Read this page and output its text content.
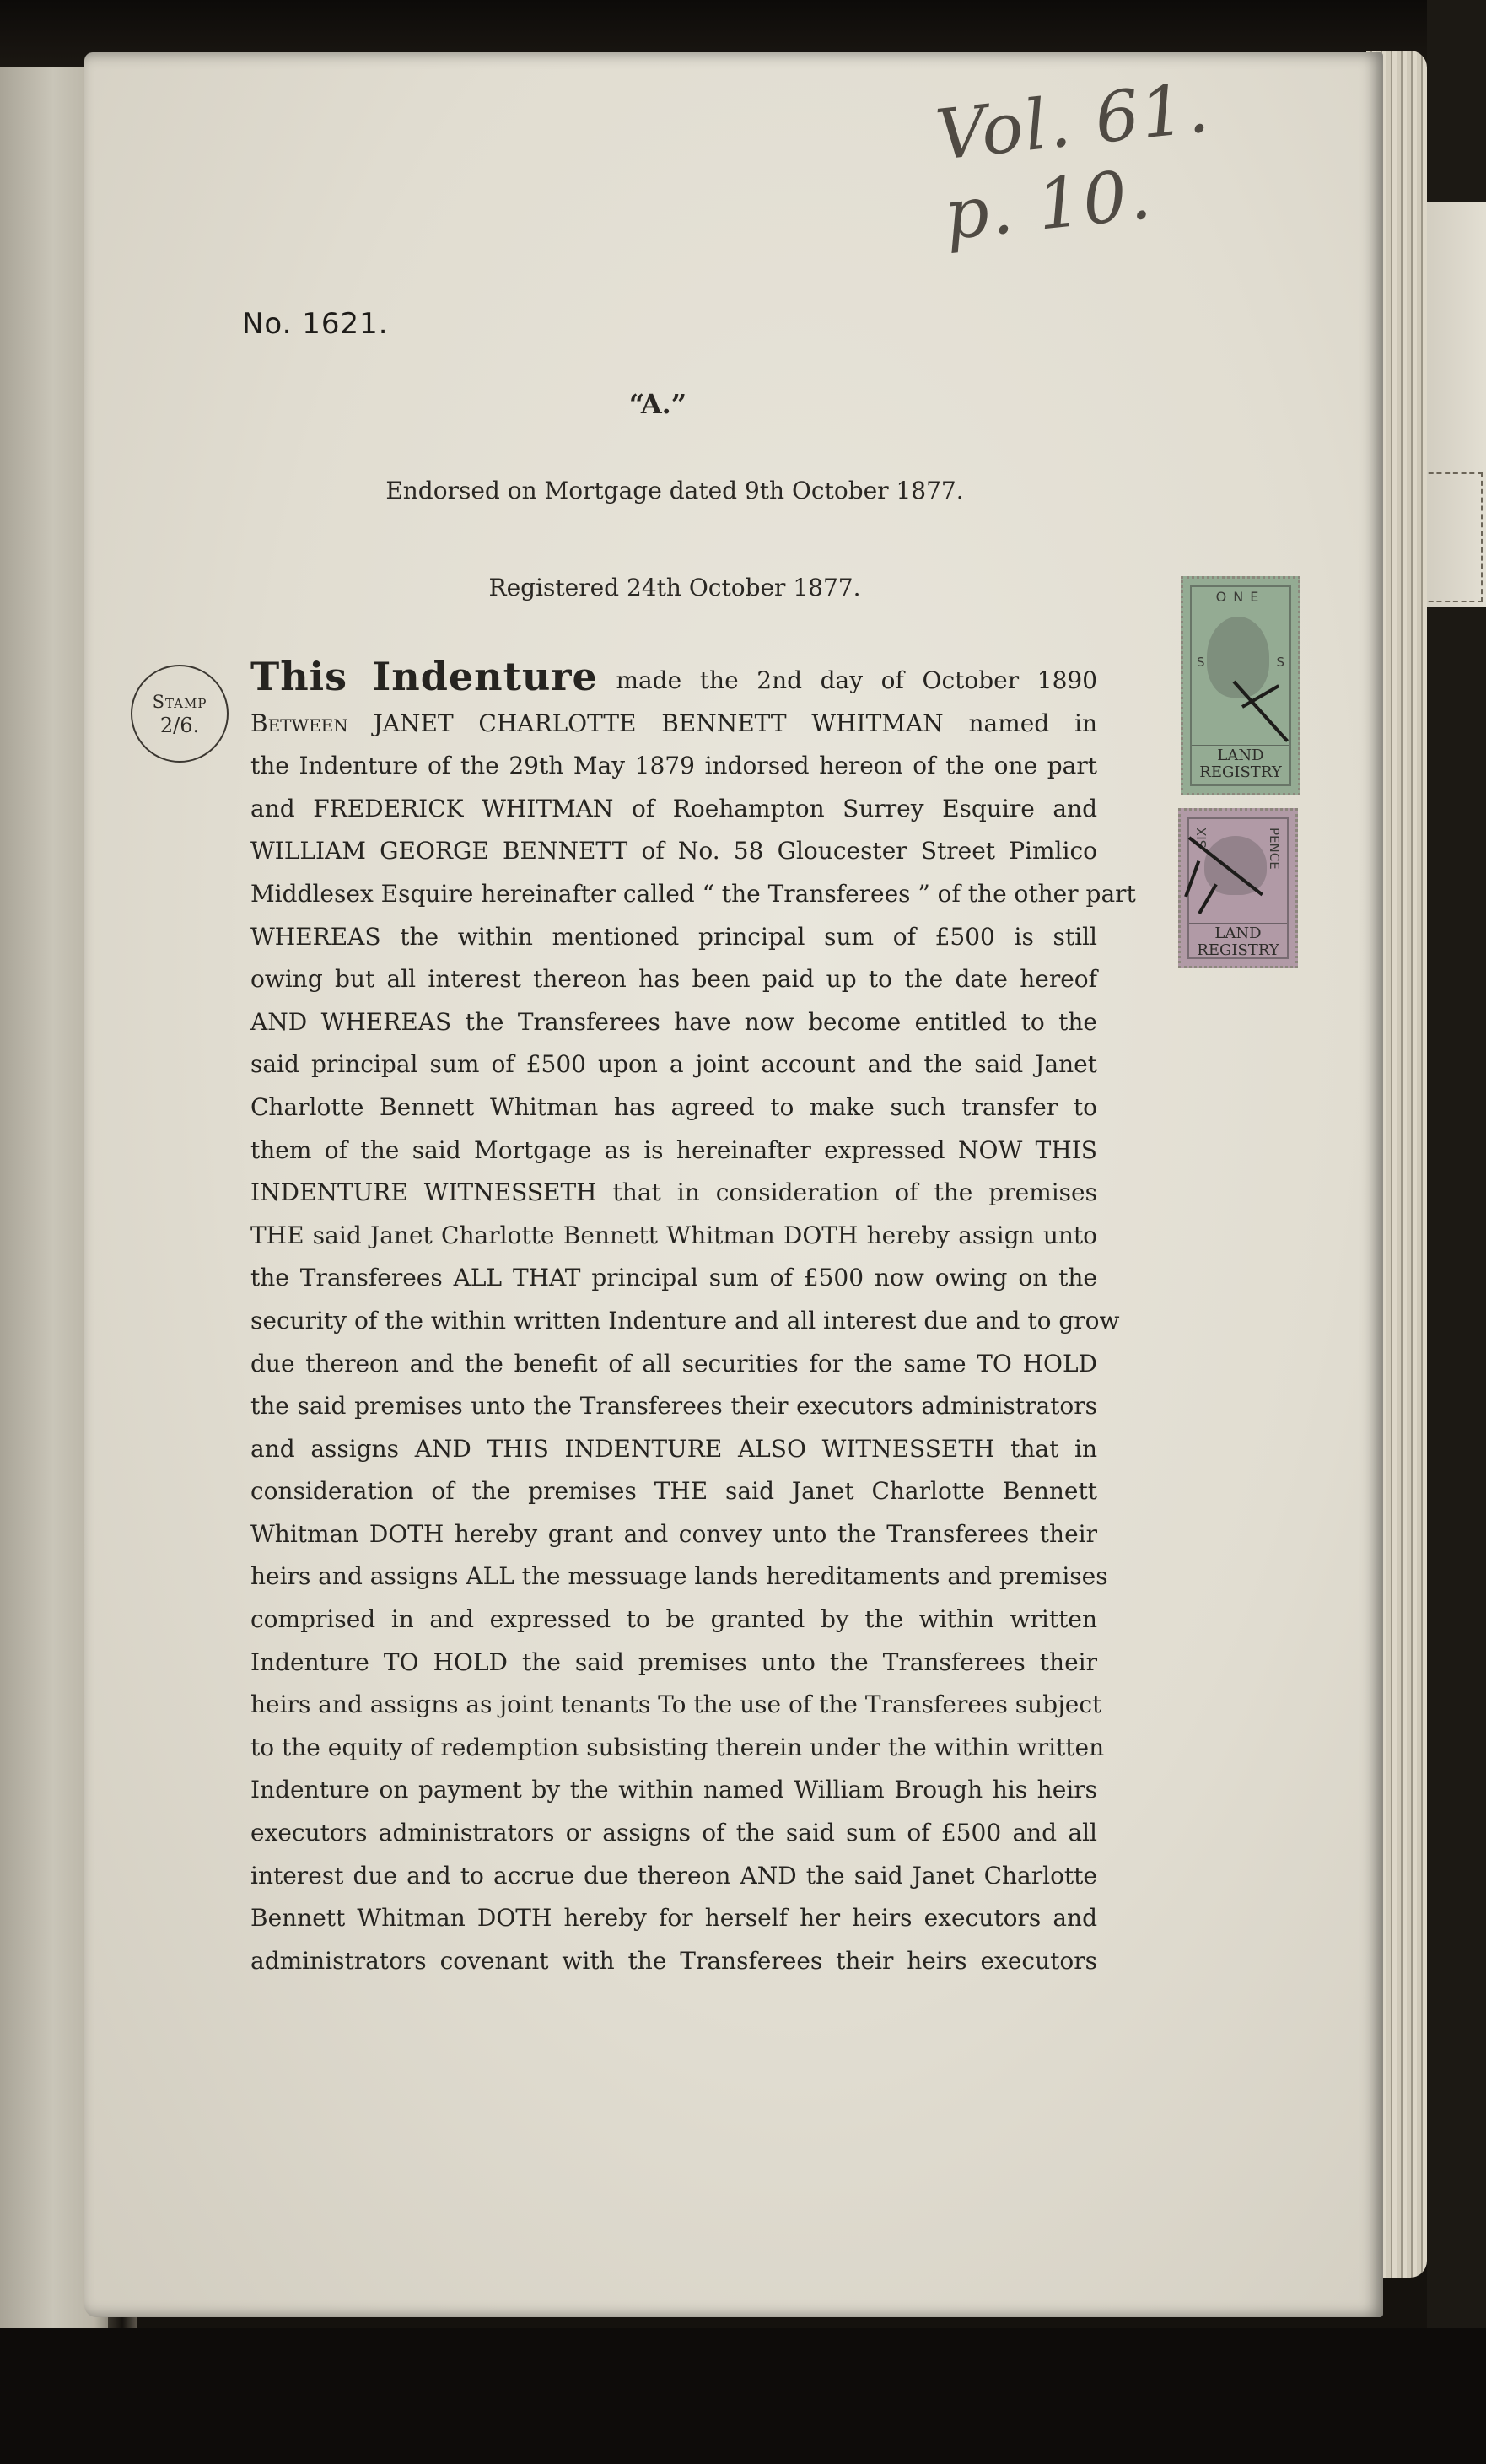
Vol. 61. p. 10.
No. 1621.
“A.”
Endorsed on Mortgage dated 9th October 1877.
Registered 24th October 1877.
Stamp
2/6.
ONE
S	S
LAND REGISTRY
SIX	PENCE
LAND REGISTRY
This Indenture made the 2nd day of October 1890
Between JANET CHARLOTTE BENNETT WHITMAN named in
the Indenture of the 29th May 1879 indorsed hereon of the one part
and FREDERICK WHITMAN of Roehampton Surrey Esquire and
WILLIAM GEORGE BENNETT of No. 58 Gloucester Street Pimlico
Middlesex Esquire hereinafter called “ the Transferees ” of the other part
WHEREAS the within mentioned principal sum of £500 is still
owing but all interest thereon has been paid up to the date hereof
AND WHEREAS the Transferees have now become entitled to the
said principal sum of £500 upon a joint account and the said Janet
Charlotte Bennett Whitman has agreed to make such transfer to
them of the said Mortgage as is hereinafter expressed NOW THIS
INDENTURE WITNESSETH that in consideration of the premises
THE said Janet Charlotte Bennett Whitman DOTH hereby assign unto
the Transferees ALL THAT principal sum of £500 now owing on the
security of the within written Indenture and all interest due and to grow
due thereon and the benefit of all securities for the same TO HOLD
the said premises unto the Transferees their executors administrators
and assigns AND THIS INDENTURE ALSO WITNESSETH that in
consideration of the premises THE said Janet Charlotte Bennett
Whitman DOTH hereby grant and convey unto the Transferees their
heirs and assigns ALL the messuage lands hereditaments and premises
comprised in and expressed to be granted by the within written
Indenture TO HOLD the said premises unto the Transferees their
heirs and assigns as joint tenants To the use of the Transferees subject
to the equity of redemption subsisting therein under the within written
Indenture on payment by the within named William Brough his heirs
executors administrators or assigns of the said sum of £500 and all
interest due and to accrue due thereon AND the said Janet Charlotte
Bennett Whitman DOTH hereby for herself her heirs executors and
administrators covenant with the Transferees their heirs executors
